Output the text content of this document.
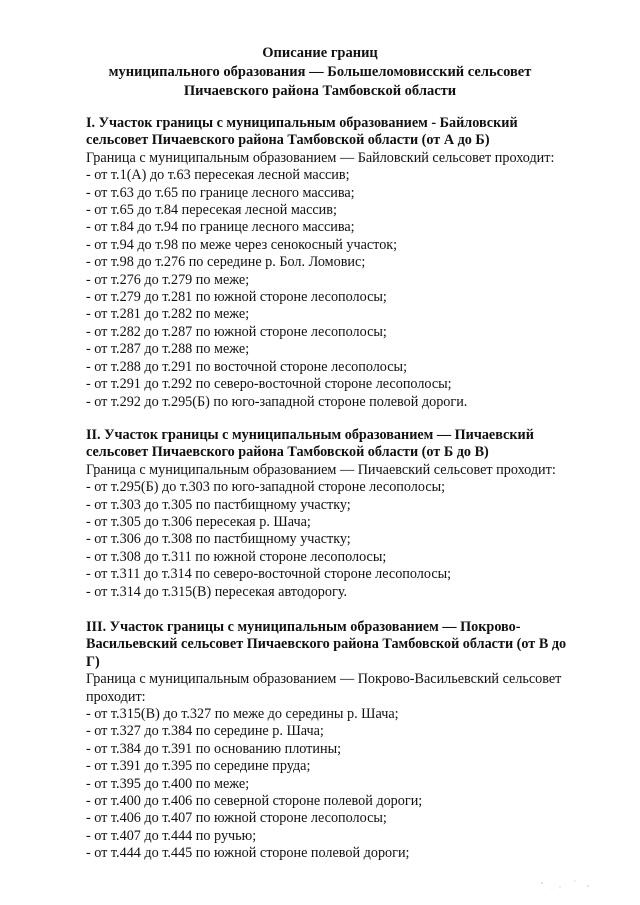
Описание границ
муниципального образования — Большеломовисский сельсовет
Пичаевского района Тамбовской области
I. Участок границы с муниципальным образованием - Байловский
сельсовет Пичаевского района Тамбовской области (от А до Б)
Граница с муниципальным образованием — Байловский сельсовет проходит:
- от т.1(А) до т.63 пересекая лесной массив;
- от т.63 до т.65 по границе лесного массива;
- от т.65 до т.84 пересекая лесной массив;
- от т.84 до т.94 по границе лесного массива;
- от т.94 до т.98 по меже через сенокосный участок;
- от т.98 до т.276 по середине р. Бол. Ломовис;
- от т.276 до т.279 по меже;
- от т.279 до т.281 по южной стороне лесополосы;
- от т.281 до т.282 по меже;
- от т.282 до т.287 по южной стороне лесополосы;
- от т.287 до т.288 по меже;
- от т.288 до т.291 по восточной стороне лесополосы;
- от т.291 до т.292 по северо-восточной стороне лесополосы;
- от т.292 до т.295(Б) по юго-западной стороне полевой дороги.
II. Участок границы с муниципальным образованием — Пичаевский
сельсовет Пичаевского района Тамбовской области (от Б до В)
Граница с муниципальным образованием — Пичаевский сельсовет проходит:
- от т.295(Б) до т.303 по юго-западной стороне лесополосы;
- от т.303 до т.305 по пастбищному участку;
- от т.305 до т.306 пересекая р. Шача;
- от т.306 до т.308 по пастбищному участку;
- от т.308 до т.311 по южной стороне лесополосы;
- от т.311 до т.314 по северо-восточной стороне лесополосы;
- от т.314 до т.315(В) пересекая автодорогу.
III. Участок границы с муниципальным образованием — Покрово-
Васильевский сельсовет Пичаевского района Тамбовской области (от В до
Г)
Граница с муниципальным образованием — Покрово-Васильевский сельсовет
проходит:
- от т.315(В) до т.327 по меже до середины р. Шача;
- от т.327 до т.384 по середине р. Шача;
- от т.384 до т.391 по основанию плотины;
- от т.391 до т.395 по середине пруда;
- от т.395 до т.400 по меже;
- от т.400 до т.406 по северной стороне полевой дороги;
- от т.406 до т.407 по южной стороне лесополосы;
- от т.407 до т.444 по ручью;
- от т.444 до т.445 по южной стороне полевой дороги;
